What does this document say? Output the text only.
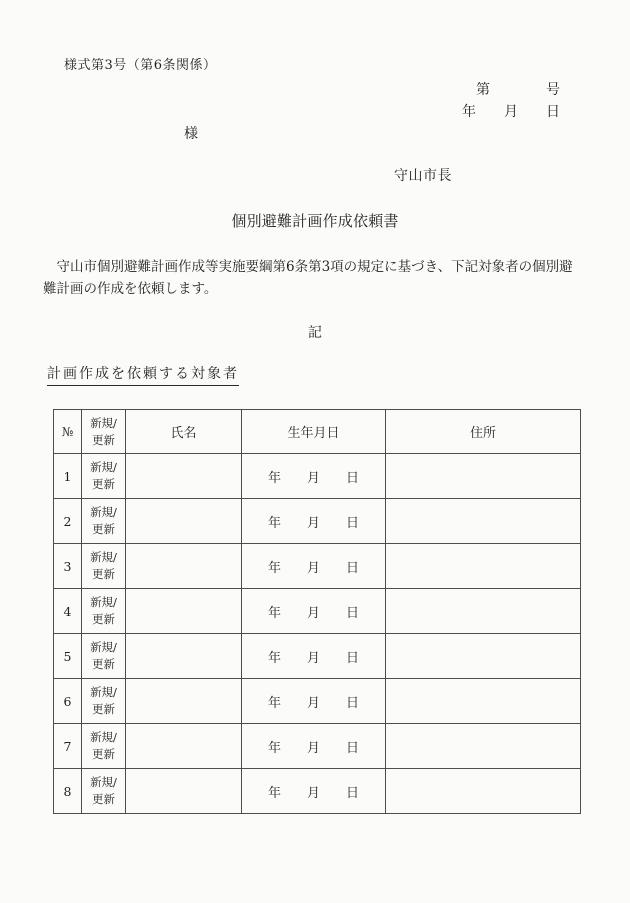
様式第3号（第6条関係）
第　　　　号
年　　月　　日
様
守山市長
個別避難計画作成依頼書
　守山市個別避難計画作成等実施要綱第6条第3項の規定に基づき、下記対象者の個別避
難計画の作成を依頼します。
記
計画作成を依頼する対象者
№	新規/
更新	氏名	生年月日	住所
1	新規/
更新		年　　月　　日	
2	新規/
更新		年　　月　　日	
3	新規/
更新		年　　月　　日	
4	新規/
更新		年　　月　　日	
5	新規/
更新		年　　月　　日	
6	新規/
更新		年　　月　　日	
7	新規/
更新		年　　月　　日	
8	新規/
更新		年　　月　　日	
